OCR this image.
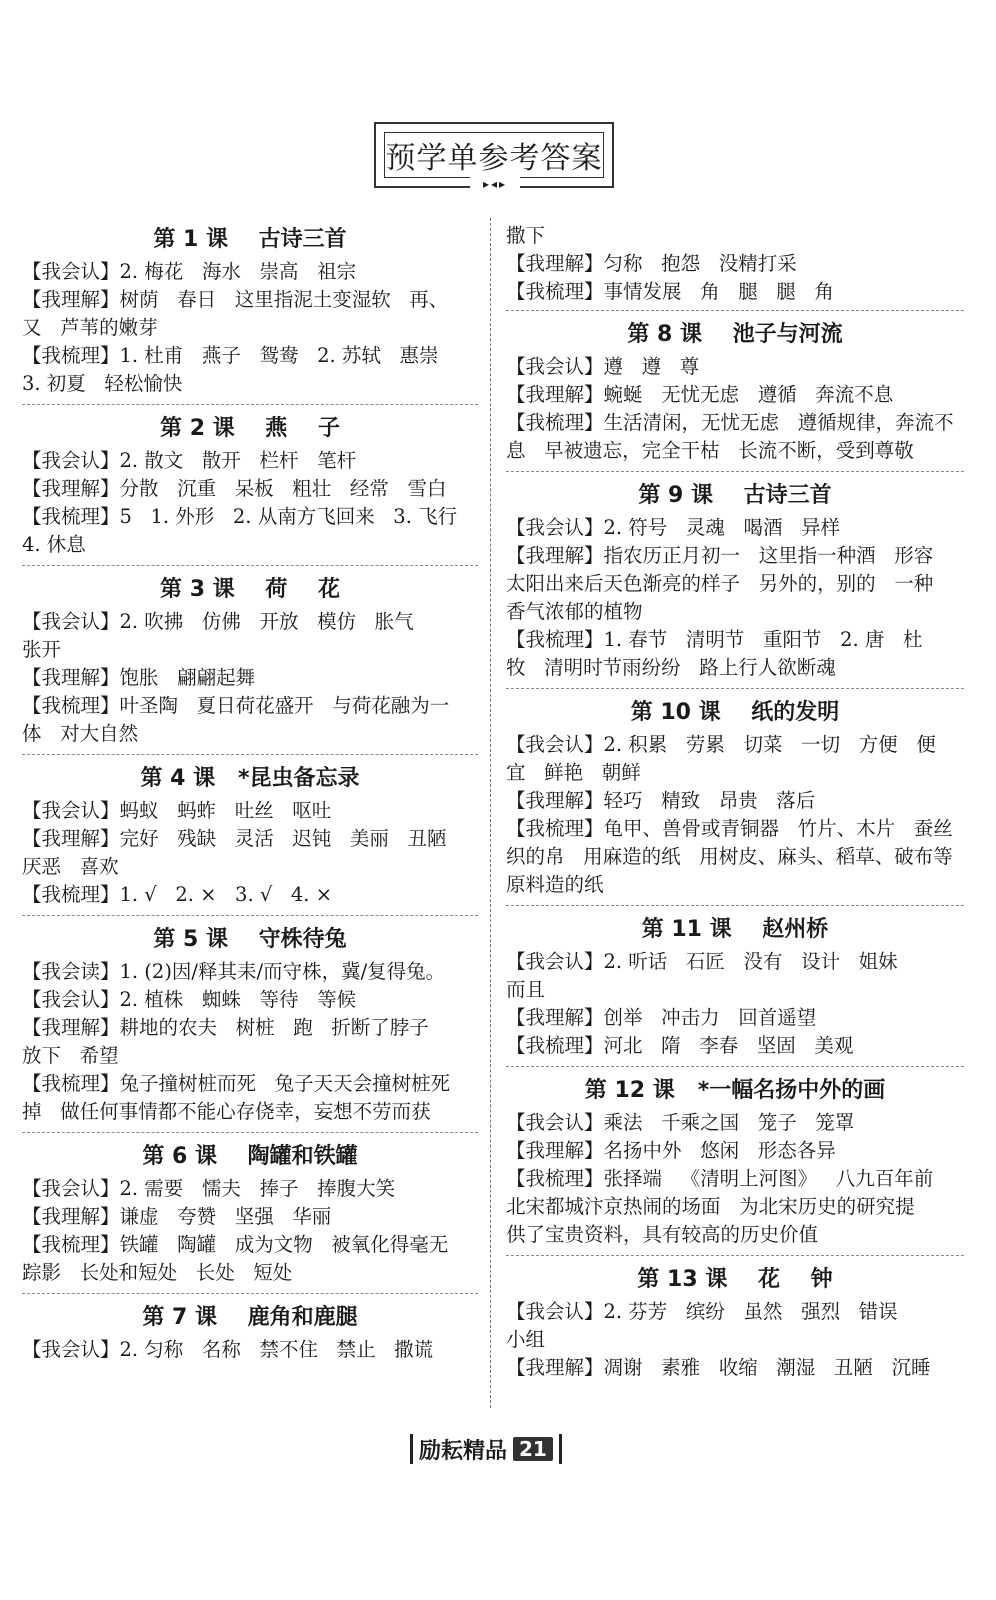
预学单参考答案
▸◂▸
第 1 课    古诗三首
【我会认】2. 梅花   海水   崇高   祖宗
【我理解】树荫   春日   这里指泥土变湿软   再、
又   芦苇的嫩芽
【我梳理】1. 杜甫   燕子   鸳鸯   2. 苏轼   惠崇
3. 初夏   轻松愉快
第 2 课    燕    子
【我会认】2. 散文   散开   栏杆   笔杆
【我理解】分散   沉重   呆板   粗壮   经常   雪白
【我梳理】5   1. 外形   2. 从南方飞回来   3. 飞行
4. 休息
第 3 课    荷    花
【我会认】2. 吹拂   仿佛   开放   模仿   胀气
张开
【我理解】饱胀   翩翩起舞
【我梳理】叶圣陶   夏日荷花盛开   与荷花融为一
体   对大自然
第 4 课   *昆虫备忘录
【我会认】蚂蚁   蚂蚱   吐丝   呕吐
【我理解】完好   残缺   灵活   迟钝   美丽   丑陋
厌恶   喜欢
【我梳理】1. √   2. ×   3. √   4. ×
第 5 课    守株待兔
【我会读】1. (2)因/释其耒/而守株，冀/复得兔。
【我会认】2. 植株   蜘蛛   等待   等候
【我理解】耕地的农夫   树桩   跑   折断了脖子
放下   希望
【我梳理】兔子撞树桩而死   兔子天天会撞树桩死
掉   做任何事情都不能心存侥幸，妄想不劳而获
第 6 课    陶罐和铁罐
【我会认】2. 需要   懦夫   捧子   捧腹大笑
【我理解】谦虚   夸赞   坚强   华丽
【我梳理】铁罐   陶罐   成为文物   被氧化得毫无
踪影   长处和短处   长处   短处
第 7 课    鹿角和鹿腿
【我会认】2. 匀称   名称   禁不住   禁止   撒谎
撒下
【我理解】匀称   抱怨   没精打采
【我梳理】事情发展   角   腿   腿   角
第 8 课    池子与河流
【我会认】遵   遵   尊
【我理解】蜿蜒   无忧无虑   遵循   奔流不息
【我梳理】生活清闲，无忧无虑   遵循规律，奔流不
息   早被遗忘，完全干枯   长流不断，受到尊敬
第 9 课    古诗三首
【我会认】2. 符号   灵魂   喝酒   异样
【我理解】指农历正月初一   这里指一种酒   形容
太阳出来后天色渐亮的样子   另外的，别的   一种
香气浓郁的植物
【我梳理】1. 春节   清明节   重阳节   2. 唐   杜
牧   清明时节雨纷纷   路上行人欲断魂
第 10 课    纸的发明
【我会认】2. 积累   劳累   切菜   一切   方便   便
宜   鲜艳   朝鲜
【我理解】轻巧   精致   昂贵   落后
【我梳理】龟甲、兽骨或青铜器   竹片、木片   蚕丝
织的帛   用麻造的纸   用树皮、麻头、稻草、破布等
原料造的纸
第 11 课    赵州桥
【我会认】2. 听话   石匠   没有   设计   姐妹
而且
【我理解】创举   冲击力   回首遥望
【我梳理】河北   隋   李春   坚固   美观
第 12 课   *一幅名扬中外的画
【我会认】乘法   千乘之国   笼子   笼罩
【我理解】名扬中外   悠闲   形态各异
【我梳理】张择端   《清明上河图》   八九百年前
北宋都城汴京热闹的场面   为北宋历史的研究提
供了宝贵资料，具有较高的历史价值
第 13 课    花    钟
【我会认】2. 芬芳   缤纷   虽然   强烈   错误
小组
【我理解】凋谢   素雅   收缩   潮湿   丑陋   沉睡
励耘精品 21
